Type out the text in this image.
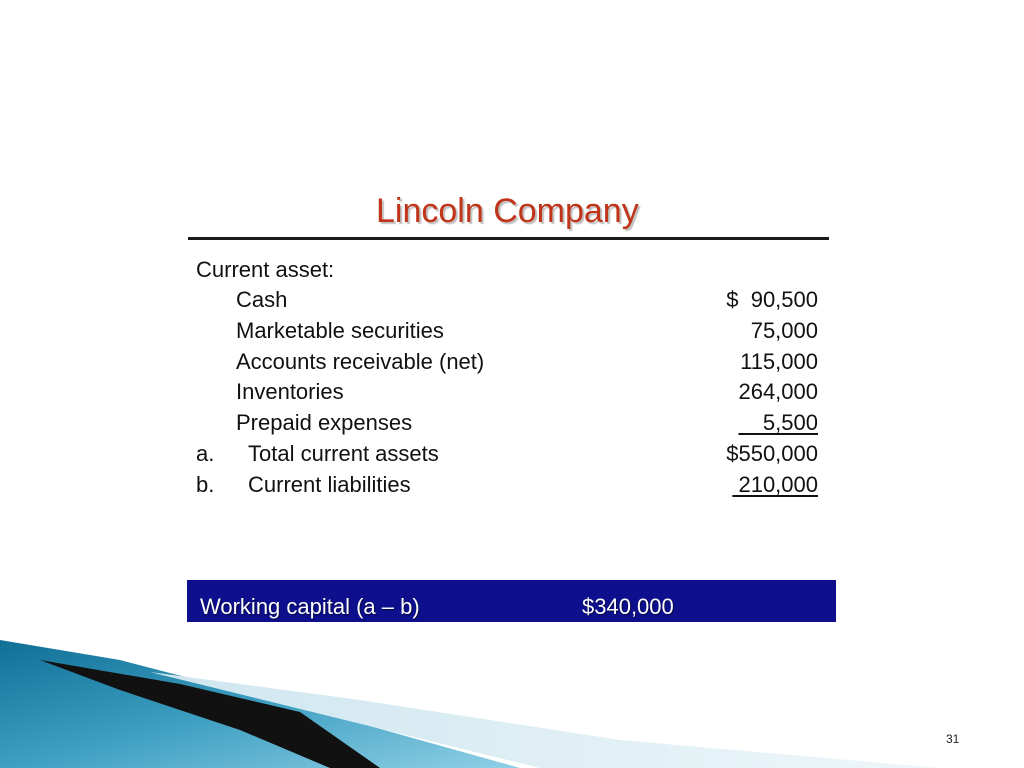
Lincoln Company
Current asset:
Cash	$  90,500
Marketable securities	75,000
Accounts receivable (net)	115,000
Inventories	264,000
Prepaid expenses	5,500
a. Total current assets	$550,000
b. Current liabilities	210,000
Working capital (a – b)	$340,000
31
